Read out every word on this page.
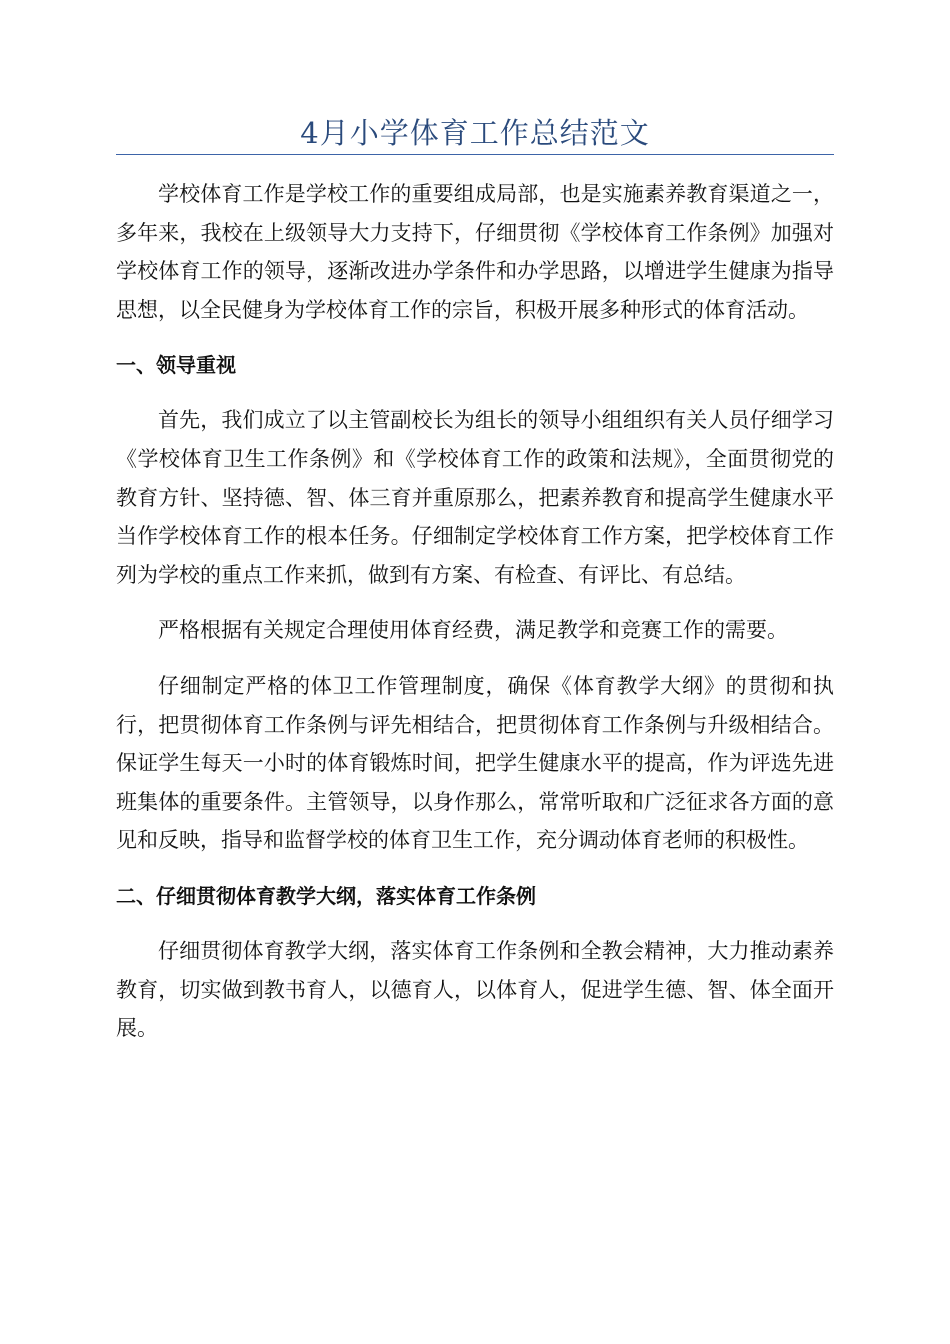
4月小学体育工作总结范文

学校体育工作是学校工作的重要组成局部，也是实施素养教育渠道之一，多年来，我校在上级领导大力支持下，仔细贯彻《学校体育工作条例》加强对学校体育工作的领导，逐渐改进办学条件和办学思路，以增进学生健康为指导思想，以全民健身为学校体育工作的宗旨，积极开展多种形式的体育活动。

一、领导重视

首先，我们成立了以主管副校长为组长的领导小组组织有关人员仔细学习《学校体育卫生工作条例》和《学校体育工作的政策和法规》，全面贯彻党的教育方针、坚持德、智、体三育并重原那么，把素养教育和提高学生健康水平当作学校体育工作的根本任务。仔细制定学校体育工作方案，把学校体育工作列为学校的重点工作来抓，做到有方案、有检查、有评比、有总结。

严格根据有关规定合理使用体育经费，满足教学和竞赛工作的需要。

仔细制定严格的体卫工作管理制度，确保《体育教学大纲》的贯彻和执行，把贯彻体育工作条例与评先相结合，把贯彻体育工作条例与升级相结合。保证学生每天一小时的体育锻炼时间，把学生健康水平的提高，作为评选先进班集体的重要条件。主管领导，以身作那么，常常听取和广泛征求各方面的意见和反映，指导和监督学校的体育卫生工作，充分调动体育老师的积极性。

二、仔细贯彻体育教学大纲，落实体育工作条例

仔细贯彻体育教学大纲，落实体育工作条例和全教会精神，大力推动素养教育，切实做到教书育人，以德育人，以体育人，促进学生德、智、体全面开展。
